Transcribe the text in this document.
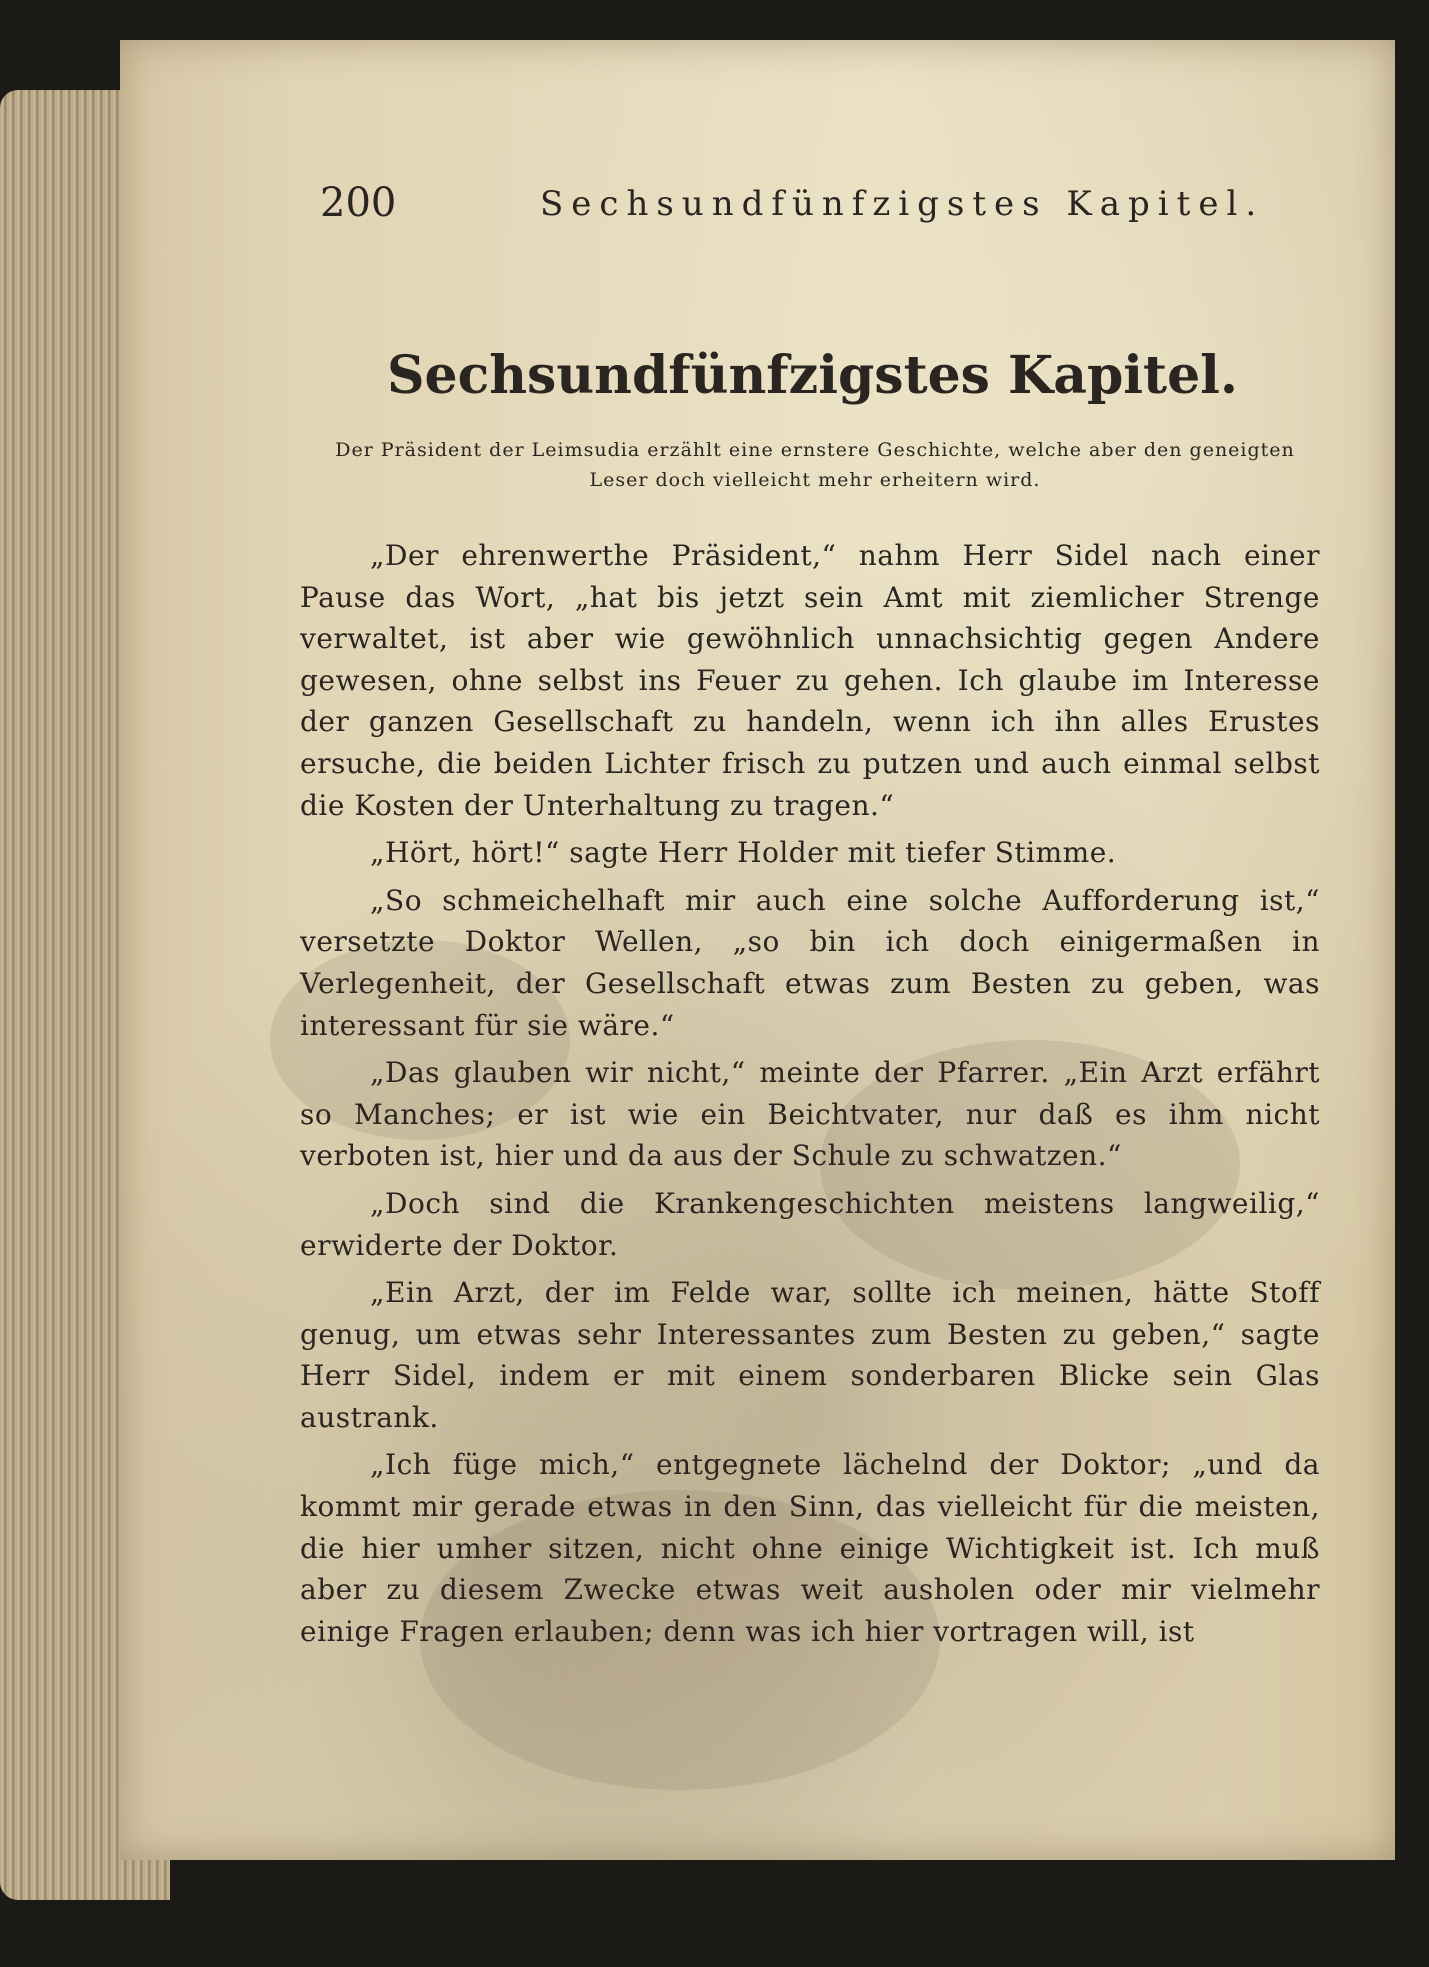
200	Sechsundfünfzigstes Kapitel.
Sechsundfünfzigstes Kapitel.
Der Präsident der Leimsudia erzählt eine ernstere Geschichte, welche aber den geneigten Leser doch vielleicht mehr erheitern wird.

„Der ehrenwerthe Präsident,“ nahm Herr Sidel nach einer Pause das Wort, „hat bis jetzt sein Amt mit ziemlicher Strenge verwaltet, ist aber wie gewöhnlich unnachsichtig gegen Andere gewesen, ohne selbst ins Feuer zu gehen. Ich glaube im Interesse der ganzen Gesellschaft zu handeln, wenn ich ihn alles Erustes ersuche, die beiden Lichter frisch zu putzen und auch einmal selbst die Kosten der Unterhaltung zu tragen.“

„Hört, hört!“ sagte Herr Holder mit tiefer Stimme.

„So schmeichelhaft mir auch eine solche Aufforderung ist,“ versetzte Doktor Wellen, „so bin ich doch einigermaßen in Verlegenheit, der Gesellschaft etwas zum Besten zu geben, was interessant für sie wäre.“

„Das glauben wir nicht,“ meinte der Pfarrer. „Ein Arzt erfährt so Manches; er ist wie ein Beichtvater, nur daß es ihm nicht verboten ist, hier und da aus der Schule zu schwatzen.“

„Doch sind die Krankengeschichten meistens langweilig,“ erwiderte der Doktor.

„Ein Arzt, der im Felde war, sollte ich meinen, hätte Stoff genug, um etwas sehr Interessantes zum Besten zu geben,“ sagte Herr Sidel, indem er mit einem sonderbaren Blicke sein Glas austrank.

„Ich füge mich,“ entgegnete lächelnd der Doktor; „und da kommt mir gerade etwas in den Sinn, das vielleicht für die meisten, die hier umher sitzen, nicht ohne einige Wichtigkeit ist. Ich muß aber zu diesem Zwecke etwas weit ausholen oder mir vielmehr einige Fragen erlauben; denn was ich hier vortragen will, ist
